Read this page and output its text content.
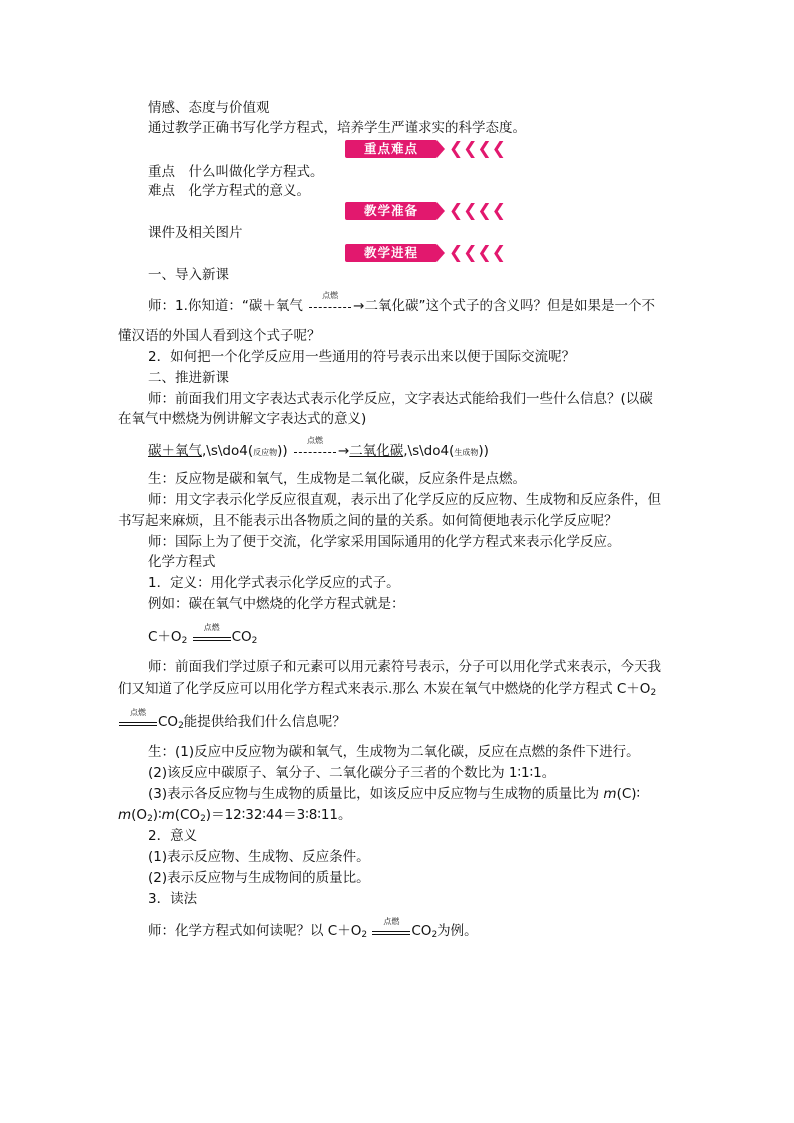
情感、态度与价值观
通过教学正确书写化学方程式，培养学生严谨求实的科学态度。
重点难点	❮❮❮❮
重点　什么叫做化学方程式。
难点　化学方程式的意义。
教学准备	❮❮❮❮
课件及相关图片
教学进程	❮❮❮❮
一、导入新课
师：1.你知道：“碳＋氧气
点燃
→二氧化碳”这个式子的含义吗？但是如果是一个不
懂汉语的外国人看到这个式子呢？
2．如何把一个化学反应用一些通用的符号表示出来以便于国际交流呢？
二、推进新课
师：前面我们用文字表达式表示化学反应，文字表达式能给我们一些什么信息？(以碳
在氧气中燃烧为例讲解文字表达式的意义)
碳＋氧气,\s\do4(反应物))
点燃
→二氧化碳,\s\do4(生成物))
生：反应物是碳和氧气，生成物是二氧化碳，反应条件是点燃。
师：用文字表示化学反应很直观，表示出了化学反应的反应物、生成物和反应条件，但
书写起来麻烦，且不能表示出各物质之间的量的关系。如何简便地表示化学反应呢？
师：国际上为了便于交流，化学家采用国际通用的化学方程式来表示化学反应。
化学方程式
1．定义：用化学式表示化学反应的式子。
例如：碳在氧气中燃烧的化学方程式就是：
$C+O_2$
点燃
$CO_2$
师：前面我们学过原子和元素可以用元素符号表示，分子可以用化学式来表示，今天我
们又知道了化学反应可以用化学方程式来表示.那么 木炭在氧气中燃烧的化学方程式 $C+O_2$
点燃
$CO_2$能提供给我们什么信息呢？
生：(1)反应中反应物为碳和氧气，生成物为二氧化碳，反应在点燃的条件下进行。
(2)该反应中碳原子、氧分子、二氧化碳分子三者的个数比为 1∶1∶1。
(3)表示各反应物与生成物的质量比，如该反应中反应物与生成物的质量比为 m(C)∶
$m(O_2)∶m(CO_2)=12∶32∶44=3∶8∶11$。
2．意义
(1)表示反应物、生成物、反应条件。
(2)表示反应物与生成物间的质量比。
3．读法
师：化学方程式如何读呢？以 $C+O_2$
点燃
$CO_2$为例。
